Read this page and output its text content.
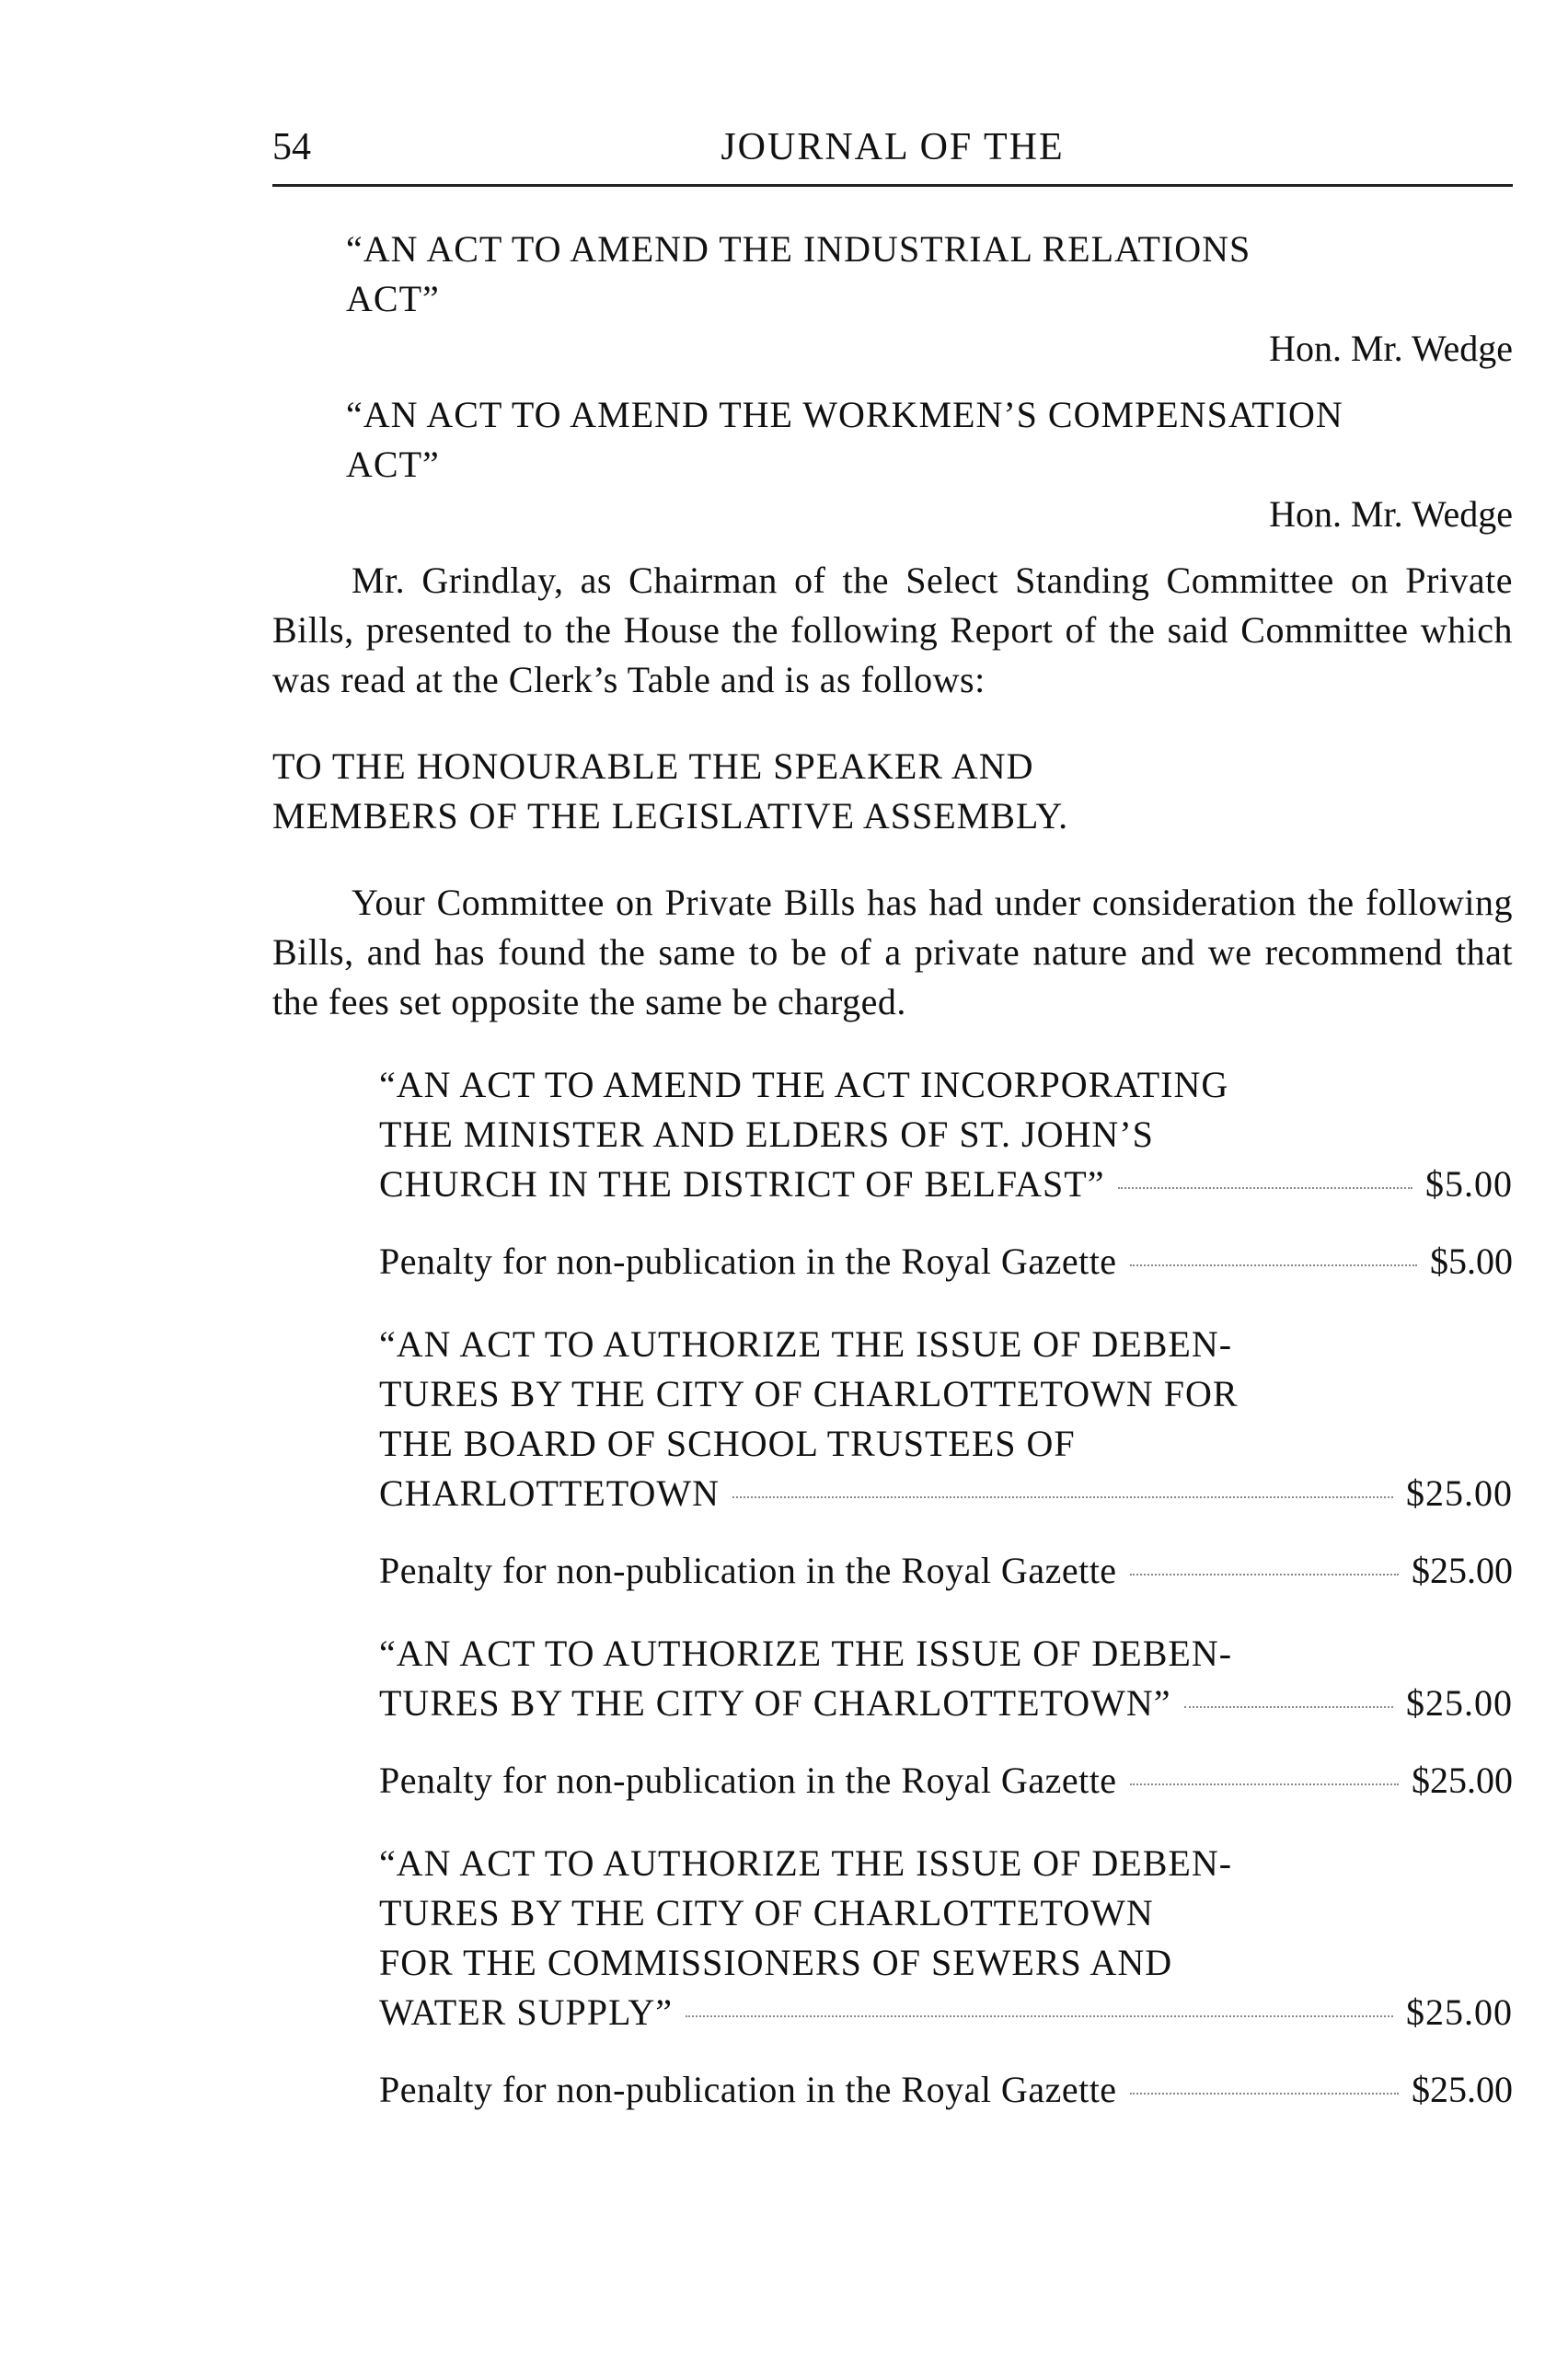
54	JOURNAL OF THE
“AN ACT TO AMEND THE INDUSTRIAL RELATIONS
ACT”
Hon. Mr. Wedge
“AN ACT TO AMEND THE WORKMEN’S COMPENSATION
ACT”
Hon. Mr. Wedge

Mr. Grindlay, as Chairman of the Select Standing Committee on Private Bills, presented to the House the following Report of the said Committee which was read at the Clerk’s Table and is as follows:

TO THE HONOURABLE THE SPEAKER AND
MEMBERS OF THE LEGISLATIVE ASSEMBLY.

Your Committee on Private Bills has had under consideration the following Bills, and has found the same to be of a private nature and we recommend that the fees set opposite the same be charged.

“AN ACT TO AMEND THE ACT INCORPORATING
THE MINISTER AND ELDERS OF ST. JOHN’S
CHURCH IN THE DISTRICT OF BELFAST”	$5.00
Penalty for non-publication in the Royal Gazette	$5.00
“AN ACT TO AUTHORIZE THE ISSUE OF DEBEN-
TURES BY THE CITY OF CHARLOTTETOWN FOR
THE BOARD OF SCHOOL TRUSTEES OF
CHARLOTTETOWN	$25.00
Penalty for non-publication in the Royal Gazette	$25.00
“AN ACT TO AUTHORIZE THE ISSUE OF DEBEN-
TURES BY THE CITY OF CHARLOTTETOWN”	$25.00
Penalty for non-publication in the Royal Gazette	$25.00
“AN ACT TO AUTHORIZE THE ISSUE OF DEBEN-
TURES BY THE CITY OF CHARLOTTETOWN
FOR THE COMMISSIONERS OF SEWERS AND
WATER SUPPLY”	$25.00
Penalty for non-publication in the Royal Gazette	$25.00
